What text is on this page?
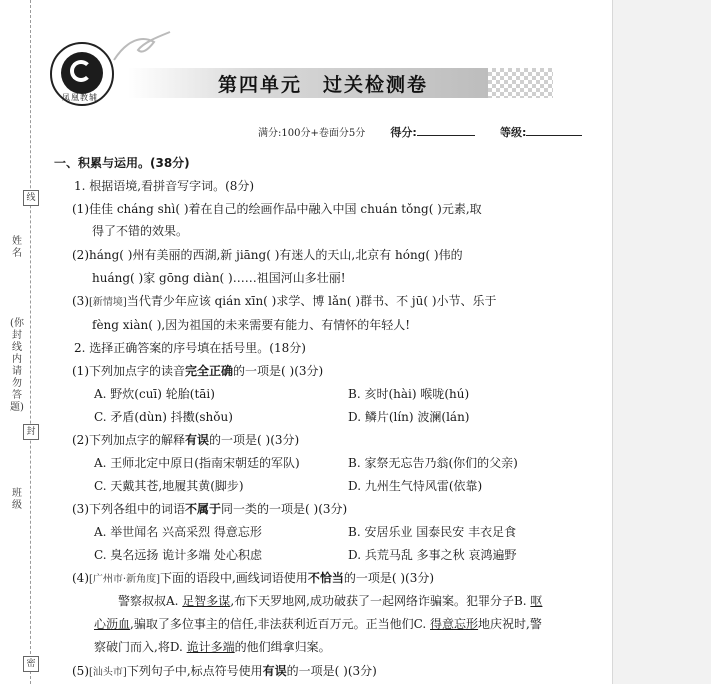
线
姓名
(你封线内请勿答题)
封
班级
密
第四单元　过关检测卷
凤凰教辅
满分:100分+卷面分5分 得分:	等级:
一、积累与运用。(38分)
1. 根据语境,看拼音写字词。(8分)
(1)佳佳 cháng shì( )着在自己的绘画作品中融入中国 chuán tǒng( )元素,取
得了不错的效果。
(2)háng( )州有美丽的西湖,新 jiāng( )有迷人的天山,北京有 hóng( )伟的
huáng( )家 gōng diàn( )……祖国河山多壮丽!
(3)[新情境]当代青少年应该 qián xīn( )求学、博 lǎn( )群书、不 jū( )小节、乐于
fèng xiàn( ),因为祖国的未来需要有能力、有情怀的年轻人!
2. 选择正确答案的序号填在括号里。(18分)
(1)下列加点字的读音完全正确的一项是( )(3分)
A. 野炊(cuī) 轮胎(tāi)	B. 亥时(hài) 喉咙(hú)
C. 矛盾(dùn) 抖擞(shǒu)	D. 鳞片(lín) 波澜(lán)
(2)下列加点字的解释有误的一项是( )(3分)
A. 王师北定中原日(指南宋朝廷的军队)	B. 家祭无忘告乃翁(你们的父亲)
C. 天戴其苍,地履其黄(脚步)	D. 九州生气恃风雷(依靠)
(3)下列各组中的词语不属于同一类的一项是( )(3分)
A. 举世闻名 兴高采烈 得意忘形	B. 安居乐业 国泰民安 丰衣足食
C. 臭名远扬 诡计多端 处心积虑	D. 兵荒马乱 多事之秋 哀鸿遍野
(4)[广州市·新角度]下面的语段中,画线词语使用不恰当的一项是( )(3分)
警察叔叔A. 足智多谋,布下天罗地网,成功破获了一起网络诈骗案。犯罪分子B. 呕
心沥血,骗取了多位事主的信任,非法获利近百万元。正当他们C. 得意忘形地庆祝时,警
察破门而入,将D. 诡计多端的他们缉拿归案。
(5)[汕头市]下列句子中,标点符号使用有误的一项是( )(3分)
